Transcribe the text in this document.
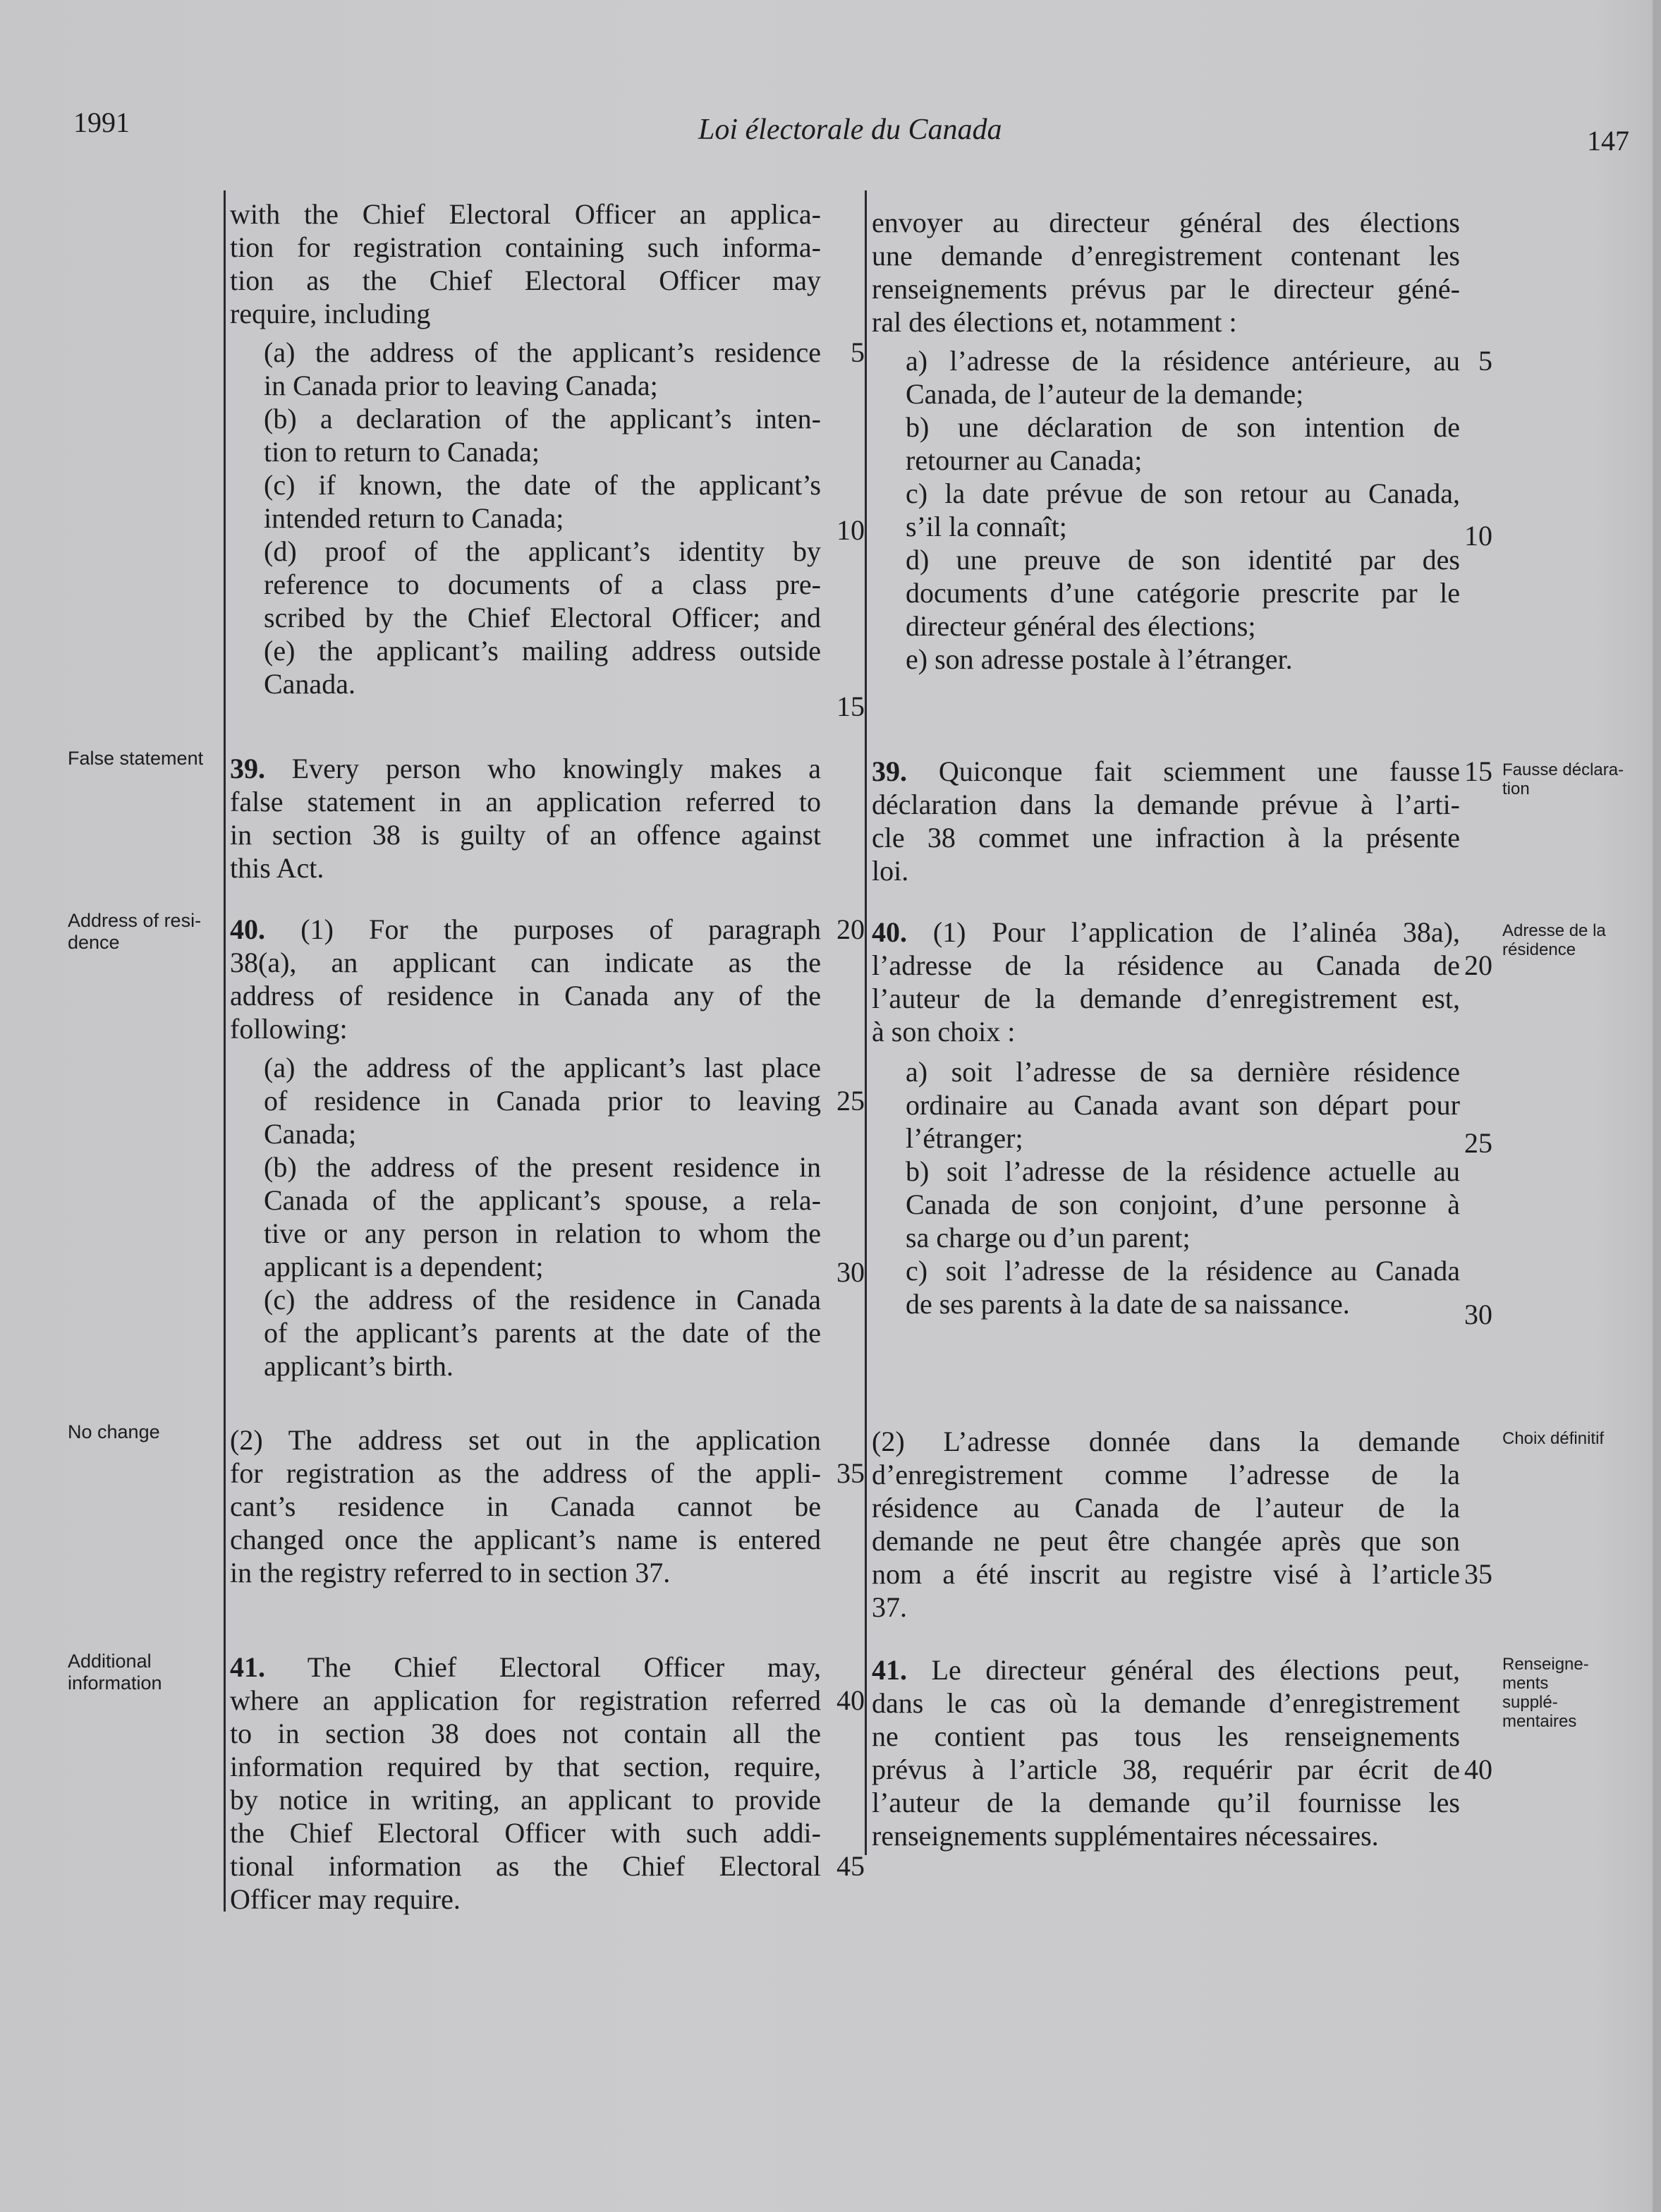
1991	Loi électorale du Canada	147
False statement
Address of resi- dence
No change
Additional information
Fausse déclara- tion
Adresse de la résidence
Choix définitif
Renseigne- ments supplé- mentaires
with the Chief Electoral Officer an applica-
tion for registration containing such informa-
tion as the Chief Electoral Officer may
require, including
(a) the address of the applicant’s residence
in Canada prior to leaving Canada;
(b) a declaration of the applicant’s inten-
tion to return to Canada;
(c) if known, the date of the applicant’s
intended return to Canada;
(d) proof of the applicant’s identity by
reference to documents of a class pre-
scribed by the Chief Electoral Officer; and
(e) the applicant’s mailing address outside
Canada.
39. Every person who knowingly makes a
false statement in an application referred to
in section 38 is guilty of an offence against
this Act.
40. (1) For the purposes of paragraph
38(a), an applicant can indicate as the
address of residence in Canada any of the
following:
(a) the address of the applicant’s last place
of residence in Canada prior to leaving
Canada;
(b) the address of the present residence in
Canada of the applicant’s spouse, a rela-
tive or any person in relation to whom the
applicant is a dependent;
(c) the address of the residence in Canada
of the applicant’s parents at the date of the
applicant’s birth.
(2) The address set out in the application
for registration as the address of the appli-
cant’s residence in Canada cannot be
changed once the applicant’s name is entered
in the registry referred to in section 37.
41. The Chief Electoral Officer may,
where an application for registration referred
to in section 38 does not contain all the
information required by that section, require,
by notice in writing, an applicant to provide
the Chief Electoral Officer with such addi-
tional information as the Chief Electoral
Officer may require.
5
10
15
20
25
30
35
40
45
envoyer au directeur général des élections
une demande d’enregistrement contenant les
renseignements prévus par le directeur géné-
ral des élections et, notamment :
a) l’adresse de la résidence antérieure, au
Canada, de l’auteur de la demande;
b) une déclaration de son intention de
retourner au Canada;
c) la date prévue de son retour au Canada,
s’il la connaît;
d) une preuve de son identité par des
documents d’une catégorie prescrite par le
directeur général des élections;
e) son adresse postale à l’étranger.
39. Quiconque fait sciemment une fausse
déclaration dans la demande prévue à l’arti-
cle 38 commet une infraction à la présente
loi.
40. (1) Pour l’application de l’alinéa 38a),
l’adresse de la résidence au Canada de
l’auteur de la demande d’enregistrement est,
à son choix :
a) soit l’adresse de sa dernière résidence
ordinaire au Canada avant son départ pour
l’étranger;
b) soit l’adresse de la résidence actuelle au
Canada de son conjoint, d’une personne à
sa charge ou d’un parent;
c) soit l’adresse de la résidence au Canada
de ses parents à la date de sa naissance.
(2) L’adresse donnée dans la demande
d’enregistrement comme l’adresse de la
résidence au Canada de l’auteur de la
demande ne peut être changée après que son
nom a été inscrit au registre visé à l’article
37.
41. Le directeur général des élections peut,
dans le cas où la demande d’enregistrement
ne contient pas tous les renseignements
prévus à l’article 38, requérir par écrit de
l’auteur de la demande qu’il fournisse les
renseignements supplémentaires nécessaires.
5
10
15
20
25
30
35
40
